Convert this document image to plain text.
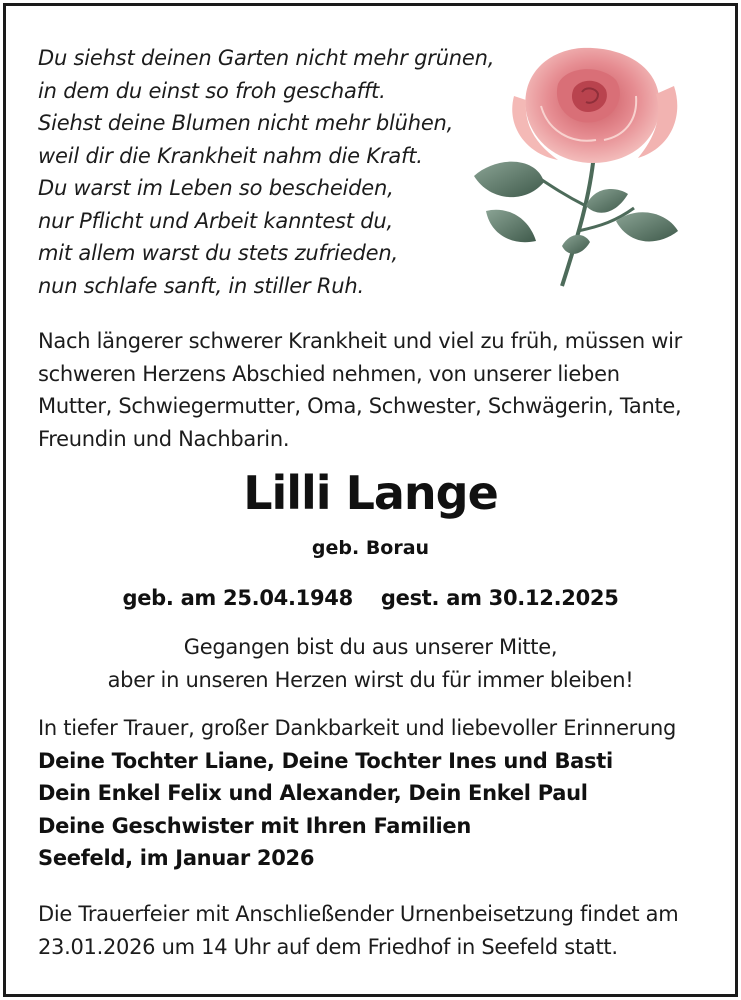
Du siehst deinen Garten nicht mehr grünen,
in dem du einst so froh geschafft.
Siehst deine Blumen nicht mehr blühen,
weil dir die Krankheit nahm die Kraft.
Du warst im Leben so bescheiden,
nur Pflicht und Arbeit kanntest du,
mit allem warst du stets zufrieden,
nun schlafe sanft, in stiller Ruh.
Nach längerer schwerer Krankheit und viel zu früh, müssen wir schweren Herzens Abschied nehmen, von unserer lieben Mutter, Schwiegermutter, Oma, Schwester, Schwägerin, Tante, Freundin und Nachbarin.
Lilli Lange
geb. Borau
geb. am 25.04.1948 gest. am 30.12.2025
Gegangen bist du aus unserer Mitte,
aber in unseren Herzen wirst du für immer bleiben!
In tiefer Trauer, großer Dankbarkeit und liebevoller Erinnerung
Deine Tochter Liane, Deine Tochter Ines und Basti
Dein Enkel Felix und Alexander, Dein Enkel Paul
Deine Geschwister mit Ihren Familien
Seefeld, im Januar 2026
Die Trauerfeier mit Anschließender Urnenbeisetzung findet am 23.01.2026 um 14 Uhr auf dem Friedhof in Seefeld statt.
